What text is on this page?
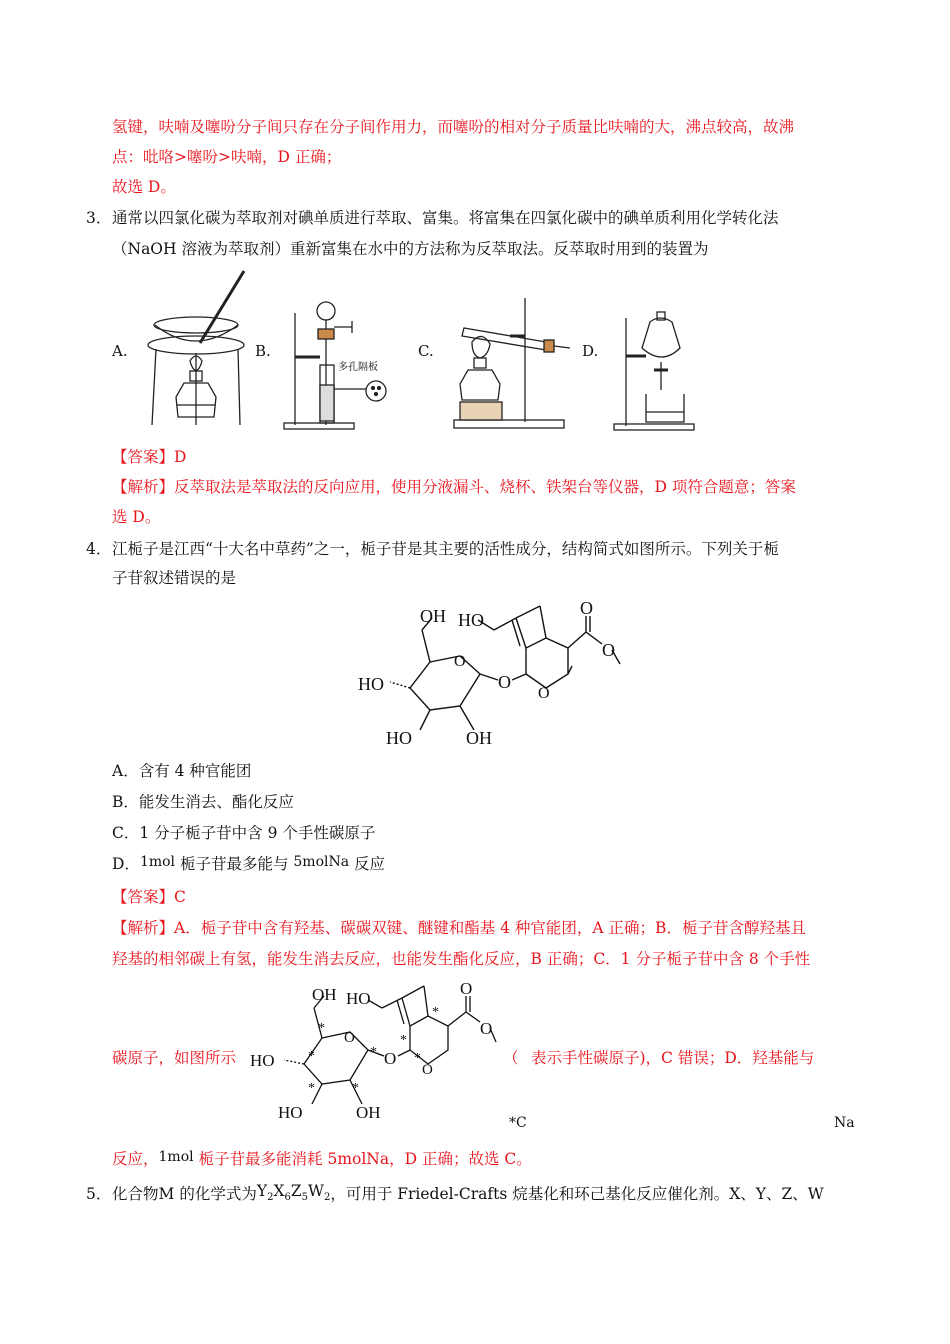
氢键，呋喃及噻吩分子间只存在分子间作用力，而噻吩的相对分子质量比呋喃的大，沸点较高，故沸
点：吡咯>噻吩>呋喃，D 正确；
故选 D。
3． 通常以四氯化碳为萃取剂对碘单质进行萃取、富集。将富集在四氯化碳中的碘单质利用化学转化法
（NaOH 溶液为萃取剂）重新富集在水中的方法称为反萃取法。反萃取时用到的装置为
A.	B.	C.	D.
多孔隔板
【答案】D
【解析】反萃取法是萃取法的反向应用，使用分液漏斗、烧杯、铁架台等仪器，D 项符合题意；答案
选 D。
4． 江栀子是江西“十大名中草药”之一，栀子苷是其主要的活性成分，结构简式如图所示。下列关于栀
子苷叙述错误的是
OH
O
HO
HO	OH
O
O
HO
O
O
A．含有 4 种官能团
B．能发生消去、酯化反应
C．1 分子栀子苷中含 9 个手性碳原子
D．1mol 栀子苷最多能与 5molNa 反应
【答案】C
【解析】A．栀子苷中含有羟基、碳碳双键、醚键和酯基 4 种官能团，A 正确；B．栀子苷含醇羟基且
羟基的相邻碳上有氢，能发生消去反应，也能发生酯化反应，B 正确；C．1 分子栀子苷中含 8 个手性
碳原子，如图所示
OH
O
HO
HO	OH
O
O
HO
O
O
*
*
*	*
*
*
*
*
（ 表示手性碳原子)，C 错误；D．羟基能与
*C	Na
反应，1mol 栀子苷最多能消耗 5molNa，D 正确；故选 C。
5． 化合物M 的化学式为$Y_2X_6Z_5W_2$，可用于 Friedel-Crafts 烷基化和环己基化反应催化剂。X、Y、Z、W
